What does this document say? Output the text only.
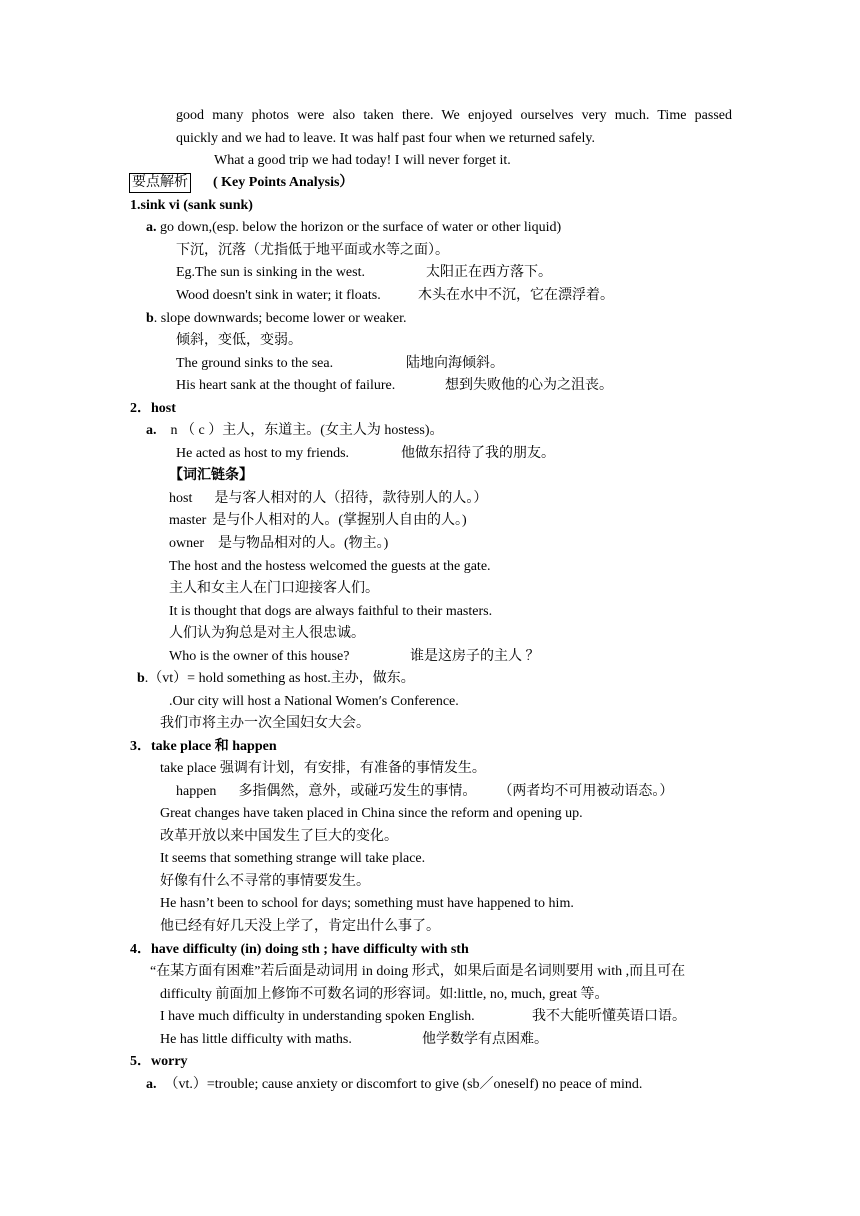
good many photos were also taken there. We enjoyed ourselves very much. Time passed
quickly and we had to leave. It was half past four when we returned safely.
What a good trip we had today! I will never forget it.
要点解析 ( Key Points Analysis）
1.sink vi (sank sunk)
a. go down,(esp. below the horizon or the surface of water or other liquid)
下沉，沉落（尤指低于地平面或水等之面）。
Eg.The sun is sinking in the west.	太阳正在西方落下。
Wood doesn't sink in water; it floats.	木头在水中不沉，它在漂浮着。
b. slope downwards; become lower or weaker.
倾斜，变低，变弱。
The ground sinks to the sea.	陆地向海倾斜。
His heart sank at the thought of failure.	想到失败他的心为之沮丧。
2．host
a. n （ c ）主人，东道主。(女主人为 hostess)。
He acted as host to my friends.	他做东招待了我的朋友。
【词汇链条】
host 是与客人相对的人（招待，款待别人的人。）
master 是与仆人相对的人。(掌握别人自由的人。)
owner 是与物品相对的人。(物主。)
The host and the hostess welcomed the guests at the gate.
主人和女主人在门口迎接客人们。
It is thought that dogs are always faithful to their masters.
人们认为狗总是对主人很忠诚。
Who is the owner of this house?	谁是这房子的主人 ？
b.（vt）= hold something as host.主办，做东。
.Our city will host a National Women′s Conference.
我们市将主办一次全国妇女大会。
3．take place 和 happen
take place 强调有计划，有安排，有准备的事情发生。
happen 多指偶然，意外，或碰巧发生的事情。 （两者均不可用被动语态。）
Great changes have taken placed in China since the reform and opening up.
改革开放以来中国发生了巨大的变化。
It seems that something strange will take place.
好像有什么不寻常的事情要发生。
He hasn’t been to school for days; something must have happened to him.
他已经有好几天没上学了，肯定出什么事了。
4．have difficulty (in) doing sth ; have difficulty with sth
“在某方面有困难”若后面是动词用 in doing 形式，如果后面是名词则要用 with ,而且可在
difficulty 前面加上修饰不可数名词的形容词。如:little, no, much, great 等。
I have much difficulty in understanding spoken English.	我不大能听懂英语口语。
He has little difficulty with maths.	他学数学有点困难。
5．worry
a. （vt.）=trouble; cause anxiety or discomfort to give (sb／oneself) no peace of mind.
